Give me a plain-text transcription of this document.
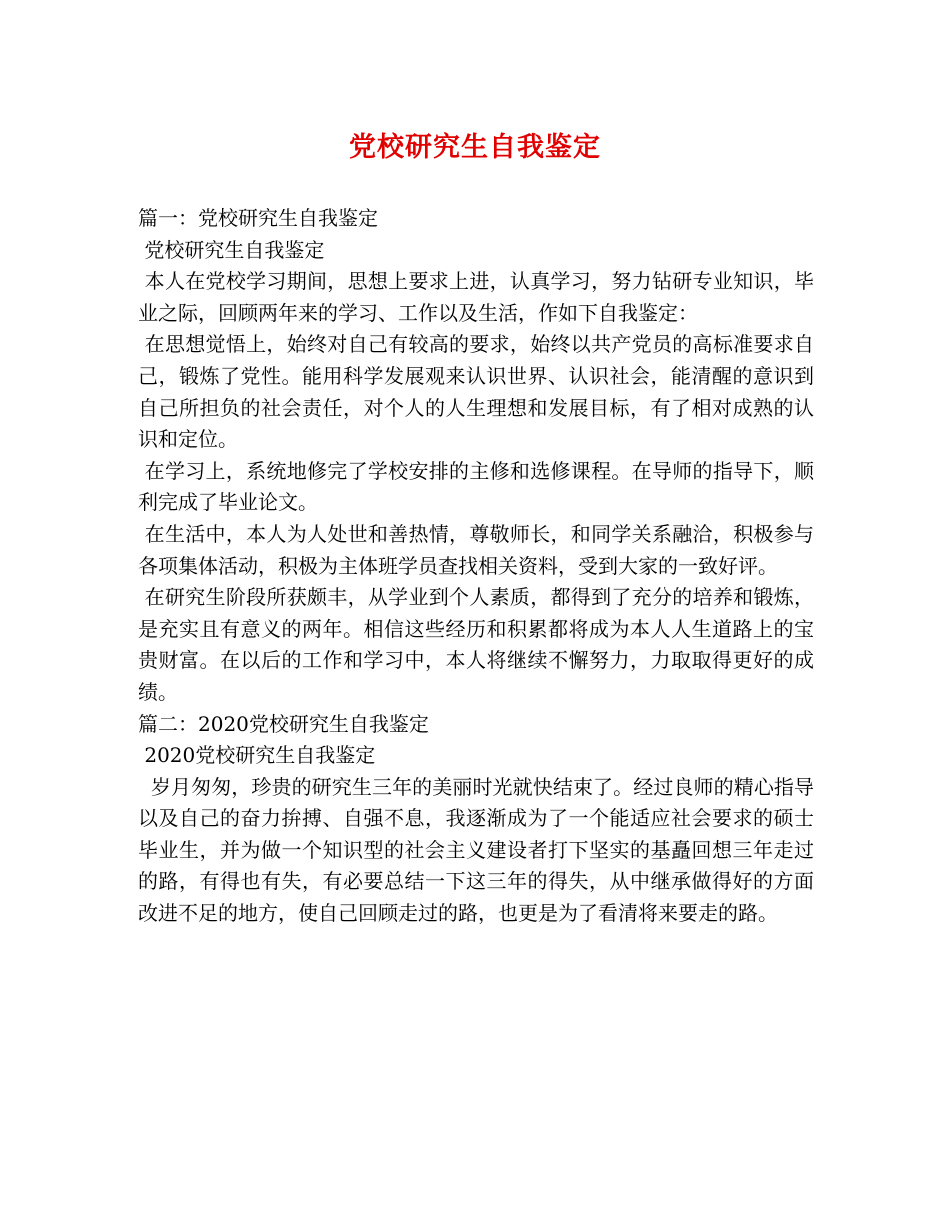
党校研究生自我鉴定

篇一：党校研究生自我鉴定

党校研究生自我鉴定

本人在党校学习期间，思想上要求上进，认真学习，努力钻研专业知识，毕业之际，回顾两年来的学习、工作以及生活，作如下自我鉴定：

在思想觉悟上，始终对自己有较高的要求，始终以共产党员的高标准要求自己，锻炼了党性。能用科学发展观来认识世界、认识社会，能清醒的意识到自己所担负的社会责任，对个人的人生理想和发展目标，有了相对成熟的认识和定位。

在学习上，系统地修完了学校安排的主修和选修课程。在导师的指导下，顺利完成了毕业论文。

在生活中，本人为人处世和善热情，尊敬师长，和同学关系融洽，积极参与各项集体活动，积极为主体班学员查找相关资料，受到大家的一致好评。

在研究生阶段所获颇丰，从学业到个人素质，都得到了充分的培养和锻炼，是充实且有意义的两年。相信这些经历和积累都将成为本人人生道路上的宝贵财富。在以后的工作和学习中，本人将继续不懈努力，力取取得更好的成绩。

篇二：2020党校研究生自我鉴定

2020党校研究生自我鉴定

岁月匆匆，珍贵的研究生三年的美丽时光就快结束了。经过良师的精心指导以及自己的奋力拚搏、自强不息，我逐渐成为了一个能适应社会要求的硕士毕业生，并为做一个知识型的社会主义建设者打下坚实的基矗回想三年走过的路，有得也有失，有必要总结一下这三年的得失，从中继承做得好的方面改进不足的地方，使自己回顾走过的路，也更是为了看清将来要走的路。
